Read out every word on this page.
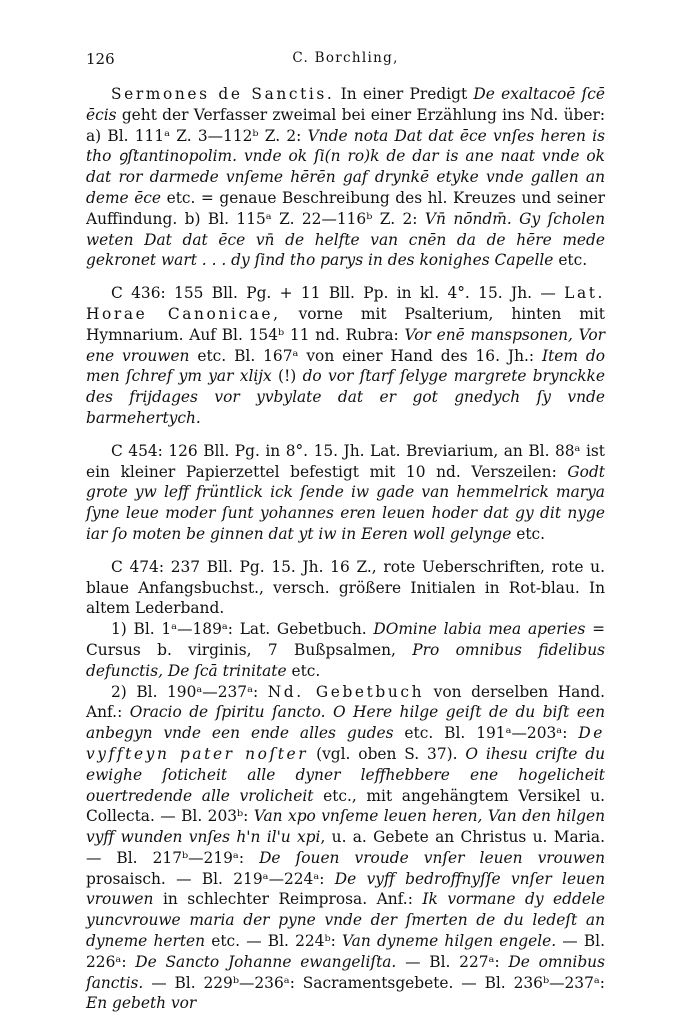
126	C. Borchling,

Sermones de Sanctis. In einer Predigt De exaltacoē ſcē ēcis geht der Verfasser zweimal bei einer Erzählung ins Nd. über: a) Bl. 111ᵃ Z. 3—112ᵇ Z. 2: Vnde nota Dat dat ēce vnſes heren is tho ꝯſtantinopolim. vnde ok ſi(n ro)k de dar is ane naat vnde ok dat ror darmede vnſeme hērēn gaf drynkē etyke vnde gallen an deme ēce etc. = genaue Beschreibung des hl. Kreuzes und seiner Auffindung. b) Bl. 115ᵃ Z. 22—116ᵇ Z. 2: Vn̄ nōndm̄. Gy ſcholen weten Dat dat ēce vn̄ de helfte van cnēn da de hēre mede gekronet wart . . . dy ſind tho parys in des konighes Capelle etc.

C 436: 155 Bll. Pg. + 11 Bll. Pp. in kl. 4°. 15. Jh. — Lat. Horae Canonicae, vorne mit Psalterium, hinten mit Hymnarium. Auf Bl. 154ᵇ 11 nd. Rubra: Vor enē manspsonen, Vor ene vrouwen etc. Bl. 167ᵃ von einer Hand des 16. Jh.: Item do men ſchref ym yar xlijx (!) do vor ſtarf ſelyge margrete brynckke des frijdages vor yvbylate dat er got gnedych ſy vnde barmehertych.

C 454: 126 Bll. Pg. in 8°. 15. Jh. Lat. Breviarium, an Bl. 88ᵃ ist ein kleiner Papierzettel befestigt mit 10 nd. Verszeilen: Godt grote yw leff früntlick ick ſende iw gade van hemmelrick marya ſyne leue moder ſunt yohannes eren leuen hoder dat gy dit nyge iar ſo moten be ginnen dat yt iw in Eeren woll gelynge etc.

C 474: 237 Bll. Pg. 15. Jh. 16 Z., rote Ueberschriften, rote u. blaue Anfangsbuchst., versch. größere Initialen in Rot-blau. In altem Lederband.

1) Bl. 1ᵃ—189ᵃ: Lat. Gebetbuch. DOmine labia mea aperies = Cursus b. virginis, 7 Bußpsalmen, Pro omnibus fidelibus defunctis, De ſcā trinitate etc.

2) Bl. 190ᵃ—237ᵃ: Nd. Gebetbuch von derselben Hand. Anf.: Oracio de ſpiritu ſancto. O Here hilge geiſt de du biſt een anbegyn vnde een ende alles gudes etc. Bl. 191ᵃ—203ᵃ: De vyffteyn pater noſter (vgl. oben S. 37). O ihesu criſte du ewighe ſoticheit alle dyner leffhebbere ene hogelicheit ouertredende alle vrolicheit etc., mit angehängtem Versikel u. Collecta. — Bl. 203ᵇ: Van xpo vnſeme leuen heren, Van den hilgen vyff wunden vnſes h'n il'u xpi, u. a. Gebete an Christus u. Maria. — Bl. 217ᵇ—219ᵃ: De ſouen vroude vnſer leuen vrouwen prosaisch. — Bl. 219ᵃ—224ᵃ: De vyff bedroffnyſſe vnſer leuen vrouwen in schlechter Reimprosa. Anf.: Ik vormane dy eddele yuncvrouwe maria der pyne vnde der ſmerten de du ledeſt an dyneme herten etc. — Bl. 224ᵇ: Van dyneme hilgen engele. — Bl. 226ᵃ: De Sancto Johanne ewangeliſta. — Bl. 227ᵃ: De omnibus ſanctis. — Bl. 229ᵇ—236ᵃ: Sacramentsgebete. — Bl. 236ᵇ—237ᵃ: En gebeth vor
